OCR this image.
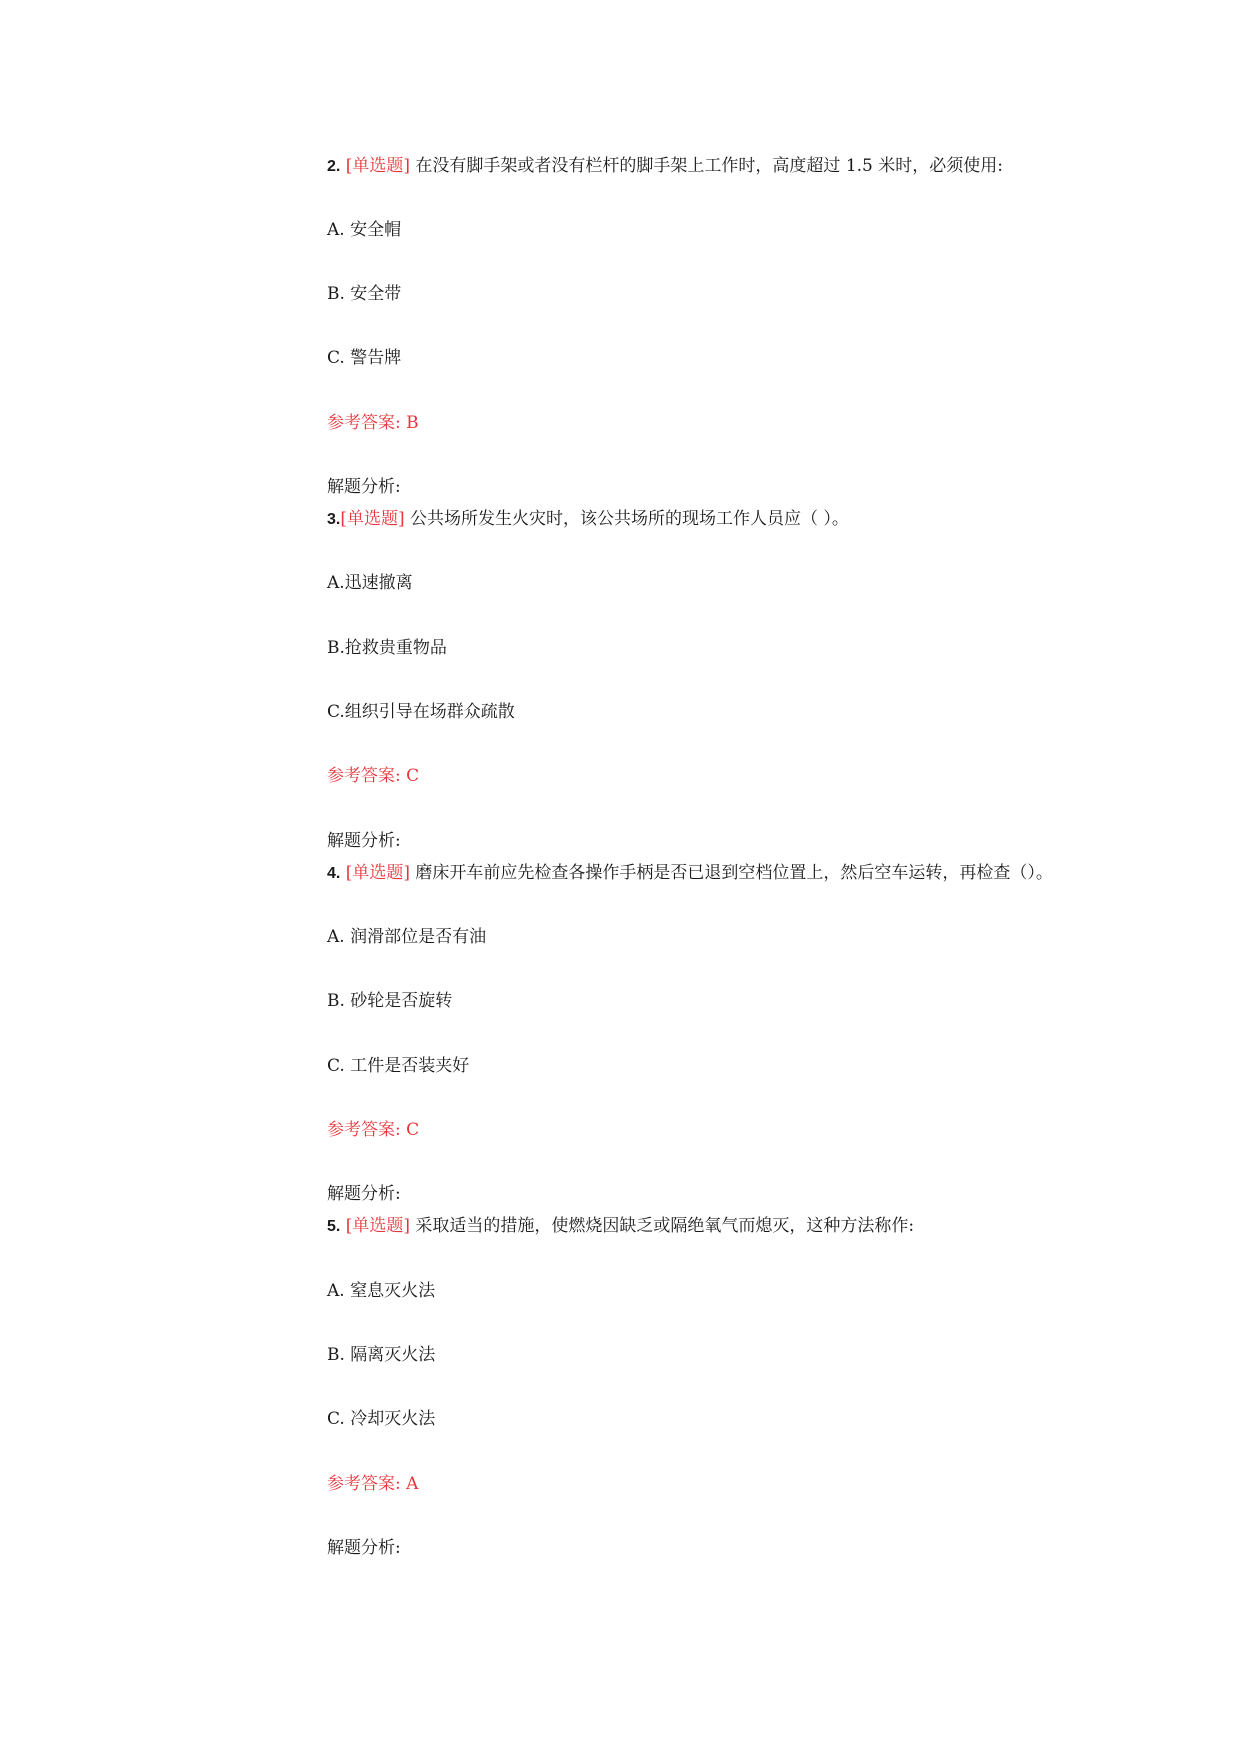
2. [单选题] 在没有脚手架或者没有栏杆的脚手架上工作时，高度超过 1.5 米时，必须使用:
A. 安全帽
B. 安全带
C. 警告牌
参考答案: B
解题分析:
3.[单选题] 公共场所发生火灾时，该公共场所的现场工作人员应（ ）。
A.迅速撤离
B.抢救贵重物品
C.组织引导在场群众疏散
参考答案: C
解题分析:
4. [单选题] 磨床开车前应先检查各操作手柄是否已退到空档位置上，然后空车运转，再检查（）。
A. 润滑部位是否有油
B. 砂轮是否旋转
C. 工件是否装夹好
参考答案: C
解题分析:
5. [单选题] 采取适当的措施，使燃烧因缺乏或隔绝氧气而熄灭，这种方法称作:
A. 窒息灭火法
B. 隔离灭火法
C. 冷却灭火法
参考答案: A
解题分析:
